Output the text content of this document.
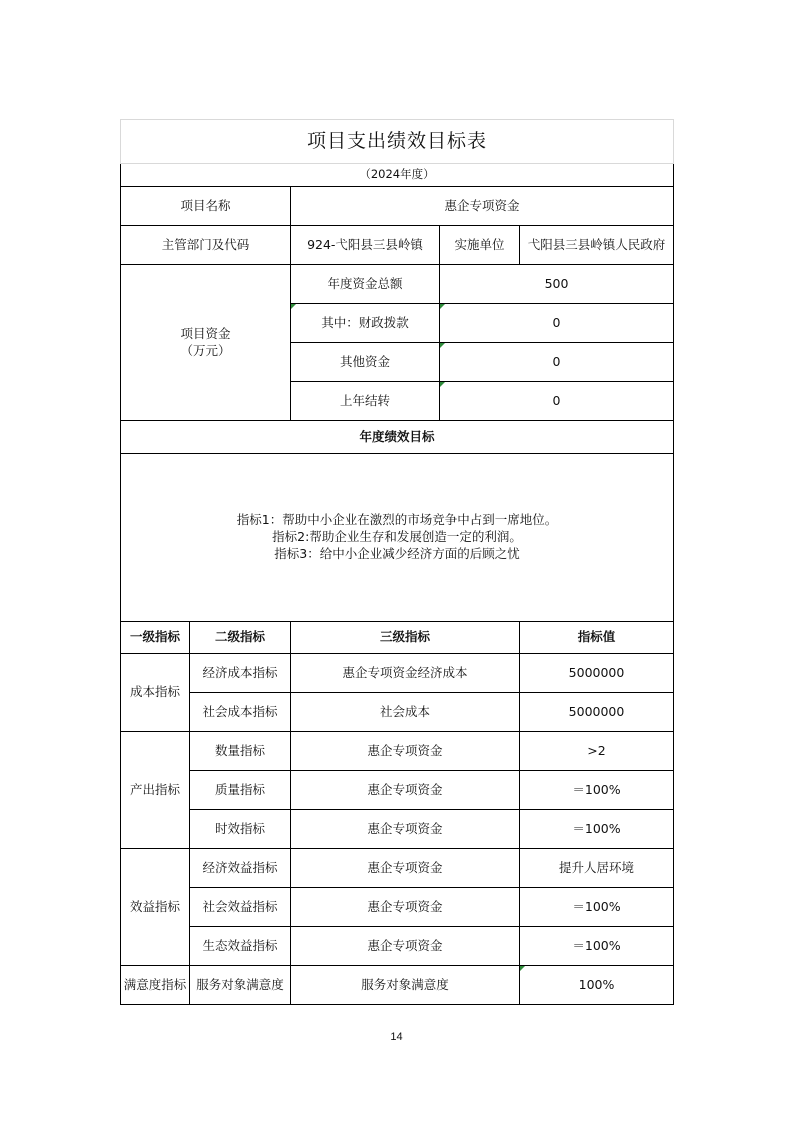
项目支出绩效目标表				
（2024年度）				
项目名称		惠企专项资金		
主管部门及代码		924-弋阳县三县岭镇	实施单位	弋阳县三县岭镇人民政府

项目资金
（万元）		年度资金总额	500	
		其中：财政拨款	0	
		其他资金	0	
		上年结转	0	
年度绩效目标				

指标1：帮助中小企业在激烈的市场竞争中占到一席地位。
指标2:帮助企业生存和发展创造一定的利润。
指标3：给中小企业减少经济方面的后顾之忧				

一级指标	二级指标	三级指标		指标值
成本指标	经济成本指标	惠企专项资金经济成本		5000000
	社会成本指标	社会成本		5000000
产出指标	数量指标	惠企专项资金		>2
	质量指标	惠企专项资金		＝100%
	时效指标	惠企专项资金		＝100%
效益指标	经济效益指标	惠企专项资金		提升人居环境
	社会效益指标	惠企专项资金		＝100%
	生态效益指标	惠企专项资金		＝100%
满意度指标	服务对象满意度	服务对象满意度		100%
14
